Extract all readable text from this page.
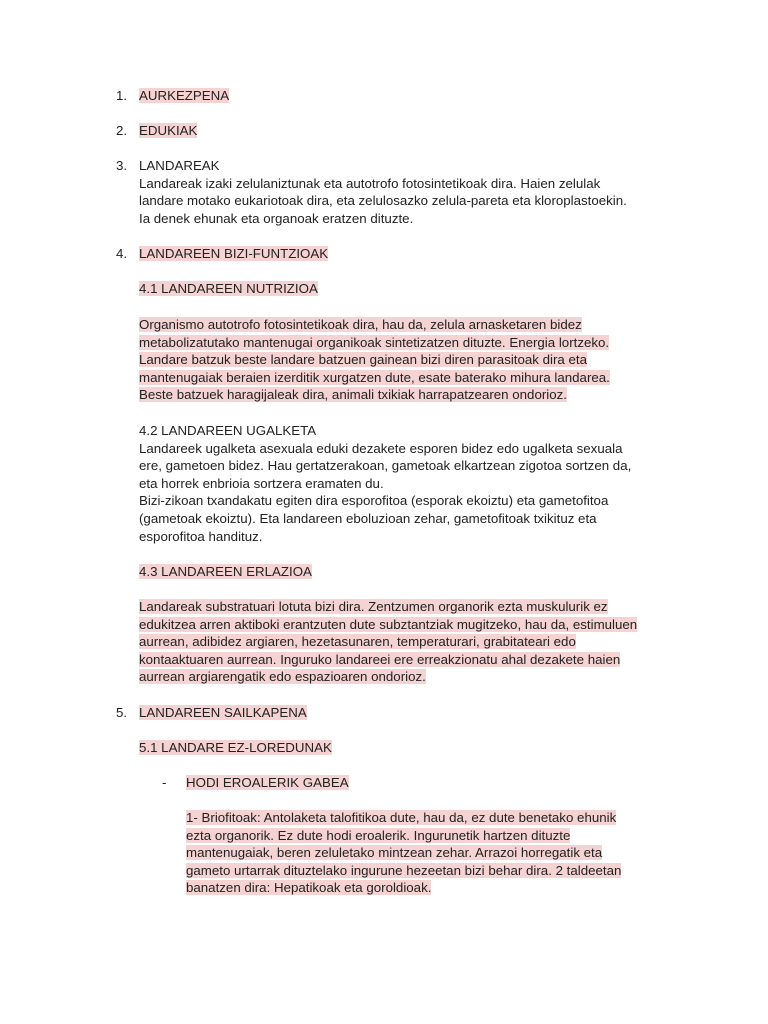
1. AURKEZPENA
2. EDUKIAK
3. LANDAREAK
Landareak izaki zelulaniztunak eta autotrofo fotosintetikoak dira. Haien zelulak
landare motako eukariotoak dira, eta zelulosazko zelula-pareta eta kloroplastoekin.
Ia denek ehunak eta organoak eratzen dituzte.
4. LANDAREEN BIZI-FUNTZIOAK
4.1 LANDAREEN NUTRIZIOA
Organismo autotrofo fotosintetikoak dira, hau da, zelula arnasketaren bidez
metabolizatutako mantenugai organikoak sintetizatzen dituzte. Energia lortzeko.
Landare batzuk beste landare batzuen gainean bizi diren parasitoak dira eta
mantenugaiak beraien izerditik xurgatzen dute, esate baterako mihura landarea.
Beste batzuek haragijaleak dira, animali txikiak harrapatzearen ondorioz.
4.2 LANDAREEN UGALKETA
Landareek ugalketa asexuala eduki dezakete esporen bidez edo ugalketa sexuala
ere, gametoen bidez. Hau gertatzerakoan, gametoak elkartzean zigotoa sortzen da,
eta horrek enbrioia sortzera eramaten du.
Bizi-zikoan txandakatu egiten dira esporofitoa (esporak ekoiztu) eta gametofitoa
(gametoak ekoiztu). Eta landareen eboluzioan zehar, gametofitoak txikituz eta
esporofitoa handituz.
4.3 LANDAREEN ERLAZIOA
Landareak substratuari lotuta bizi dira. Zentzumen organorik ezta muskulurik ez
edukitzea arren aktiboki erantzuten dute subztantziak mugitzeko, hau da, estimuluen
aurrean, adibidez argiaren, hezetasunaren, temperaturari, grabitateari edo
kontaaktuaren aurrean. Inguruko landareei ere erreakzionatu ahal dezakete haien
aurrean argiarengatik edo espazioaren ondorioz.
5. LANDAREEN SAILKAPENA
5.1 LANDARE EZ-LOREDUNAK
- HODI EROALERIK GABEA
1- Briofitoak: Antolaketa talofitikoa dute, hau da, ez dute benetako ehunik
ezta organorik. Ez dute hodi eroalerik. Ingurunetik hartzen dituzte
mantenugaiak, beren zeluletako mintzean zehar. Arrazoi horregatik eta
gameto urtarrak dituztelako ingurune hezeetan bizi behar dira. 2 taldeetan
banatzen dira: Hepatikoak eta goroldioak.
